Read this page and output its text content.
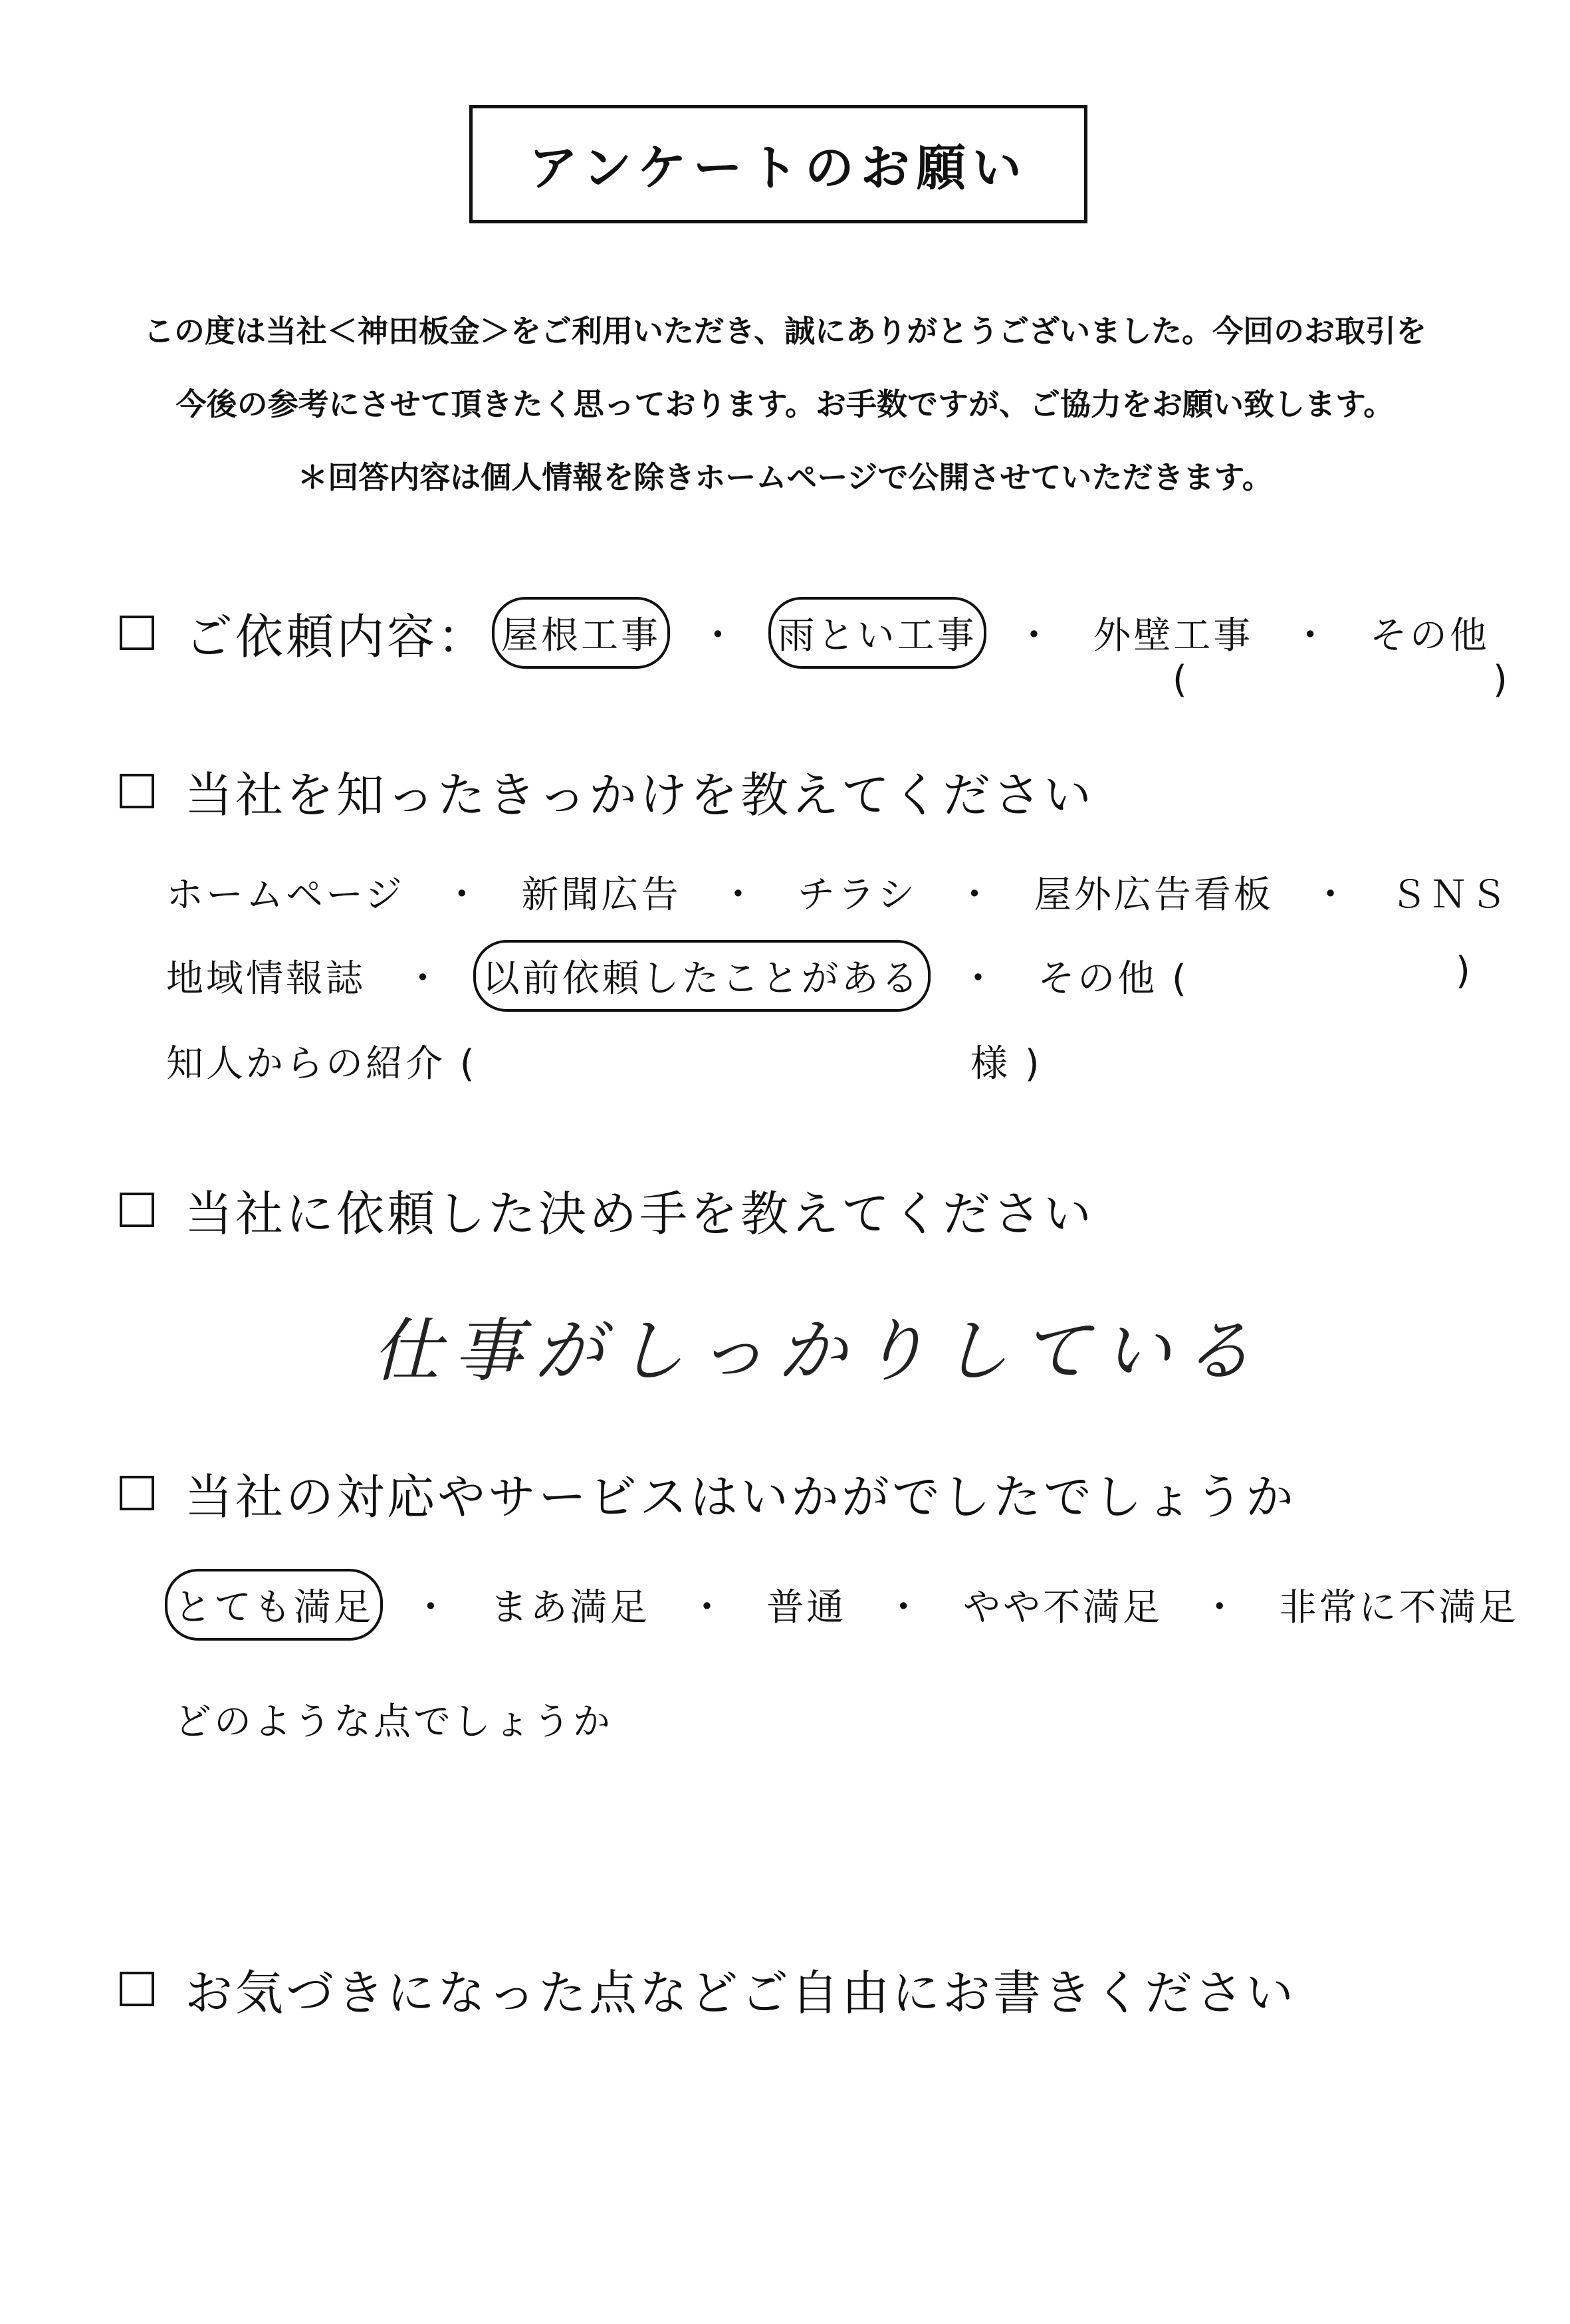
アンケートのお願い
この度は当社＜神田板金＞をご利用いただき、誠にありがとうございました。今回のお取引を
今後の参考にさせて頂きたく思っております。お手数ですが、ご協力をお願い致します。
＊回答内容は個人情報を除きホームページで公開させていただきます。
ご依頼内容： 屋根工事 ・ 雨とい工事 ・ 外壁工事 ・ その他
(	)
当社を知ったきっかけを教えてください
ホームページ ・ 新聞広告 ・ チラシ ・ 屋外広告看板 ・ ＳＮＳ
地域情報誌 ・ 以前依頼したことがある ・ その他 (	)
知人からの紹介 (	様 )
当社に依頼した決め手を教えてください
仕事がしっかりしている
当社の対応やサービスはいかがでしたでしょうか
とても満足 ・ まあ満足 ・ 普通 ・ やや不満足 ・ 非常に不満足
どのような点でしょうか
お気づきになった点などご自由にお書きください
